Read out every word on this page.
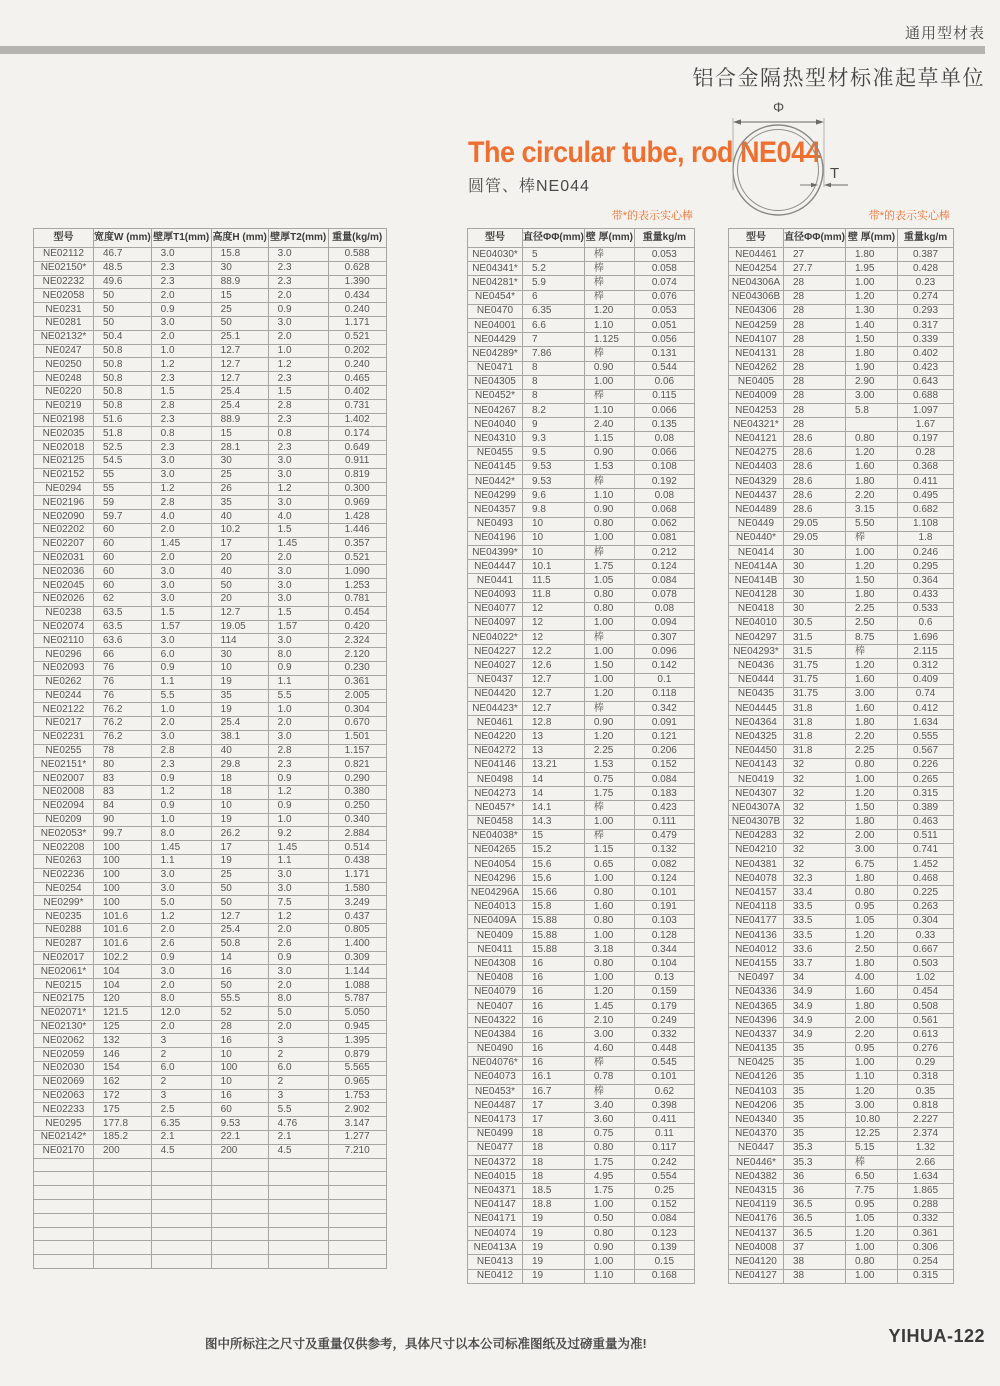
通用型材表
铝合金隔热型材标准起草单位
The circular tube, rod NE044
圆管、棒NE044
Φ
T
带*的表示实心棒	带*的表示实心棒
型号	宽度W (mm)	壁厚T1(mm)	高度H (mm)	壁厚T2(mm)	重量(kg/m)
NE02112	46.7	3.0	15.8	3.0	0.588
NE02150*	48.5	2.3	30	2.3	0.628
NE02232	49.6	2.3	88.9	2.3	1.390
NE02058	50	2.0	15	2.0	0.434
NE0231	50	0.9	25	0.9	0.240
NE0281	50	3.0	50	3.0	1.171
NE02132*	50.4	2.0	25.1	2.0	0.521
NE0247	50.8	1.0	12.7	1.0	0.202
NE0250	50.8	1.2	12.7	1.2	0.240
NE0248	50.8	2.3	12.7	2.3	0.465
NE0220	50.8	1.5	25.4	1.5	0.402
NE0219	50.8	2.8	25.4	2.8	0.731
NE02198	51.6	2.3	88.9	2.3	1.402
NE02035	51.8	0.8	15	0.8	0.174
NE02018	52.5	2.3	28.1	2.3	0.649
NE02125	54.5	3.0	30	3.0	0.911
NE02152	55	3.0	25	3.0	0.819
NE0294	55	1.2	26	1.2	0.300
NE02196	59	2.8	35	3.0	0.969
NE02090	59.7	4.0	40	4.0	1.428
NE02202	60	2.0	10.2	1.5	1.446
NE02207	60	1.45	17	1.45	0.357
NE02031	60	2.0	20	2.0	0.521
NE02036	60	3.0	40	3.0	1.090
NE02045	60	3.0	50	3.0	1.253
NE02026	62	3.0	20	3.0	0.781
NE0238	63.5	1.5	12.7	1.5	0.454
NE02074	63.5	1.57	19.05	1.57	0.420
NE02110	63.6	3.0	114	3.0	2.324
NE0296	66	6.0	30	8.0	2.120
NE02093	76	0.9	10	0.9	0.230
NE0262	76	1.1	19	1.1	0.361
NE0244	76	5.5	35	5.5	2.005
NE02122	76.2	1.0	19	1.0	0.304
NE0217	76.2	2.0	25.4	2.0	0.670
NE02231	76.2	3.0	38.1	3.0	1.501
NE0255	78	2.8	40	2.8	1.157
NE02151*	80	2.3	29.8	2.3	0.821
NE02007	83	0.9	18	0.9	0.290
NE02008	83	1.2	18	1.2	0.380
NE02094	84	0.9	10	0.9	0.250
NE0209	90	1.0	19	1.0	0.340
NE02053*	99.7	8.0	26.2	9.2	2.884
NE02208	100	1.45	17	1.45	0.514
NE0263	100	1.1	19	1.1	0.438
NE02236	100	3.0	25	3.0	1.171
NE0254	100	3.0	50	3.0	1.580
NE0299*	100	5.0	50	7.5	3.249
NE0235	101.6	1.2	12.7	1.2	0.437
NE0288	101.6	2.0	25.4	2.0	0.805
NE0287	101.6	2.6	50.8	2.6	1.400
NE02017	102.2	0.9	14	0.9	0.309
NE02061*	104	3.0	16	3.0	1.144
NE0215	104	2.0	50	2.0	1.088
NE02175	120	8.0	55.5	8.0	5.787
NE02071*	121.5	12.0	52	5.0	5.050
NE02130*	125	2.0	28	2.0	0.945
NE02062	132	3	16	3	1.395
NE02059	146	2	10	2	0.879
NE02030	154	6.0	100	6.0	5.565
NE02069	162	2	10	2	0.965
NE02063	172	3	16	3	1.753
NE02233	175	2.5	60	5.5	2.902
NE0295	177.8	6.35	9.53	4.76	3.147
NE02142*	185.2	2.1	22.1	2.1	1.277
NE02170	200	4.5	200	4.5	7.210

型号	直径ΦΦ(mm)	壁 厚(mm)	重量kg/m
NE04030*	5	棒	0.053
NE04341*	5.2	棒	0.058
NE04281*	5.9	棒	0.074
NE0454*	6	棒	0.076
NE0470	6.35	1.20	0.053
NE04001	6.6	1.10	0.051
NE04429	7	1.125	0.056
NE04289*	7.86	棒	0.131
NE0471	8	0.90	0.544
NE04305	8	1.00	0.06
NE0452*	8	棒	0.115
NE04267	8.2	1.10	0.066
NE04040	9	2.40	0.135
NE04310	9.3	1.15	0.08
NE0455	9.5	0.90	0.066
NE04145	9.53	1.53	0.108
NE0442*	9.53	棒	0.192
NE04299	9.6	1.10	0.08
NE04357	9.8	0.90	0.068
NE0493	10	0.80	0.062
NE04196	10	1.00	0.081
NE04399*	10	棒	0.212
NE04447	10.1	1.75	0.124
NE0441	11.5	1.05	0.084
NE04093	11.8	0.80	0.078
NE04077	12	0.80	0.08
NE04097	12	1.00	0.094
NE04022*	12	棒	0.307
NE04227	12.2	1.00	0.096
NE04027	12.6	1.50	0.142
NE0437	12.7	1.00	0.1
NE04420	12.7	1.20	0.118
NE04423*	12.7	棒	0.342
NE0461	12.8	0.90	0.091
NE04220	13	1.20	0.121
NE04272	13	2.25	0.206
NE04146	13.21	1.53	0.152
NE0498	14	0.75	0.084
NE04273	14	1.75	0.183
NE0457*	14.1	棒	0.423
NE0458	14.3	1.00	0.111
NE04038*	15	棒	0.479
NE04265	15.2	1.15	0.132
NE04054	15.6	0.65	0.082
NE04296	15.6	1.00	0.124
NE04296A	15.66	0.80	0.101
NE04013	15.8	1.60	0.191
NE0409A	15.88	0.80	0.103
NE0409	15.88	1.00	0.128
NE0411	15.88	3.18	0.344
NE04308	16	0.80	0.104
NE0408	16	1.00	0.13
NE04079	16	1.20	0.159
NE0407	16	1.45	0.179
NE04322	16	2.10	0.249
NE04384	16	3.00	0.332
NE0490	16	4.60	0.448
NE04076*	16	棒	0.545
NE04073	16.1	0.78	0.101
NE0453*	16.7	棒	0.62
NE04487	17	3.40	0.398
NE04173	17	3.60	0.411
NE0499	18	0.75	0.11
NE0477	18	0.80	0.117
NE04372	18	1.75	0.242
NE04015	18	4.95	0.554
NE04371	18.5	1.75	0.25
NE04147	18.8	1.00	0.152
NE04171	19	0.50	0.084
NE04074	19	0.80	0.123
NE0413A	19	0.90	0.139
NE0413	19	1.00	0.15
NE0412	19	1.10	0.168
型号	直径ΦΦ(mm)	壁 厚(mm)	重量kg/m
NE04461	27	1.80	0.387
NE04254	27.7	1.95	0.428
NE04306A	28	1.00	0.23
NE04306B	28	1.20	0.274
NE04306	28	1.30	0.293
NE04259	28	1.40	0.317
NE04107	28	1.50	0.339
NE04131	28	1.80	0.402
NE04262	28	1.90	0.423
NE0405	28	2.90	0.643
NE04009	28	3.00	0.688
NE04253	28	5.8	1.097
NE04321*	28		1.67
NE04121	28.6	0.80	0.197
NE04275	28.6	1.20	0.28
NE04403	28.6	1.60	0.368
NE04329	28.6	1.80	0.411
NE04437	28.6	2.20	0.495
NE04489	28.6	3.15	0.682
NE0449	29.05	5.50	1.108
NE0440*	29.05	棒	1.8
NE0414	30	1.00	0.246
NE0414A	30	1.20	0.295
NE0414B	30	1.50	0.364
NE04128	30	1.80	0.433
NE0418	30	2.25	0.533
NE04010	30.5	2.50	0.6
NE04297	31.5	8.75	1.696
NE04293*	31.5	棒	2.115
NE0436	31.75	1.20	0.312
NE0444	31.75	1.60	0.409
NE0435	31.75	3.00	0.74
NE04445	31.8	1.60	0.412
NE04364	31.8	1.80	1.634
NE04325	31.8	2.20	0.555
NE04450	31.8	2.25	0.567
NE04143	32	0.80	0.226
NE0419	32	1.00	0.265
NE04307	32	1.20	0.315
NE04307A	32	1.50	0.389
NE04307B	32	1.80	0.463
NE04283	32	2.00	0.511
NE04210	32	3.00	0.741
NE04381	32	6.75	1.452
NE04078	32.3	1.80	0.468
NE04157	33.4	0.80	0.225
NE04118	33.5	0.95	0.263
NE04177	33.5	1.05	0.304
NE04136	33.5	1.20	0.33
NE04012	33.6	2.50	0.667
NE04155	33.7	1.80	0.503
NE0497	34	4.00	1.02
NE04336	34.9	1.60	0.454
NE04365	34.9	1.80	0.508
NE04396	34.9	2.00	0.561
NE04337	34.9	2.20	0.613
NE04135	35	0.95	0.276
NE0425	35	1.00	0.29
NE04126	35	1.10	0.318
NE04103	35	1.20	0.35
NE04206	35	3.00	0.818
NE04340	35	10.80	2.227
NE04370	35	12.25	2.374
NE0447	35.3	5.15	1.32
NE0446*	35.3	棒	2.66
NE04382	36	6.50	1.634
NE04315	36	7.75	1.865
NE04119	36.5	0.95	0.288
NE04176	36.5	1.05	0.332
NE04137	36.5	1.20	0.361
NE04008	37	1.00	0.306
NE04120	38	0.80	0.254
NE04127	38	1.00	0.315
图中所标注之尺寸及重量仅供参考，具体尺寸以本公司标准图纸及过磅重量为准!	YIHUA-122
